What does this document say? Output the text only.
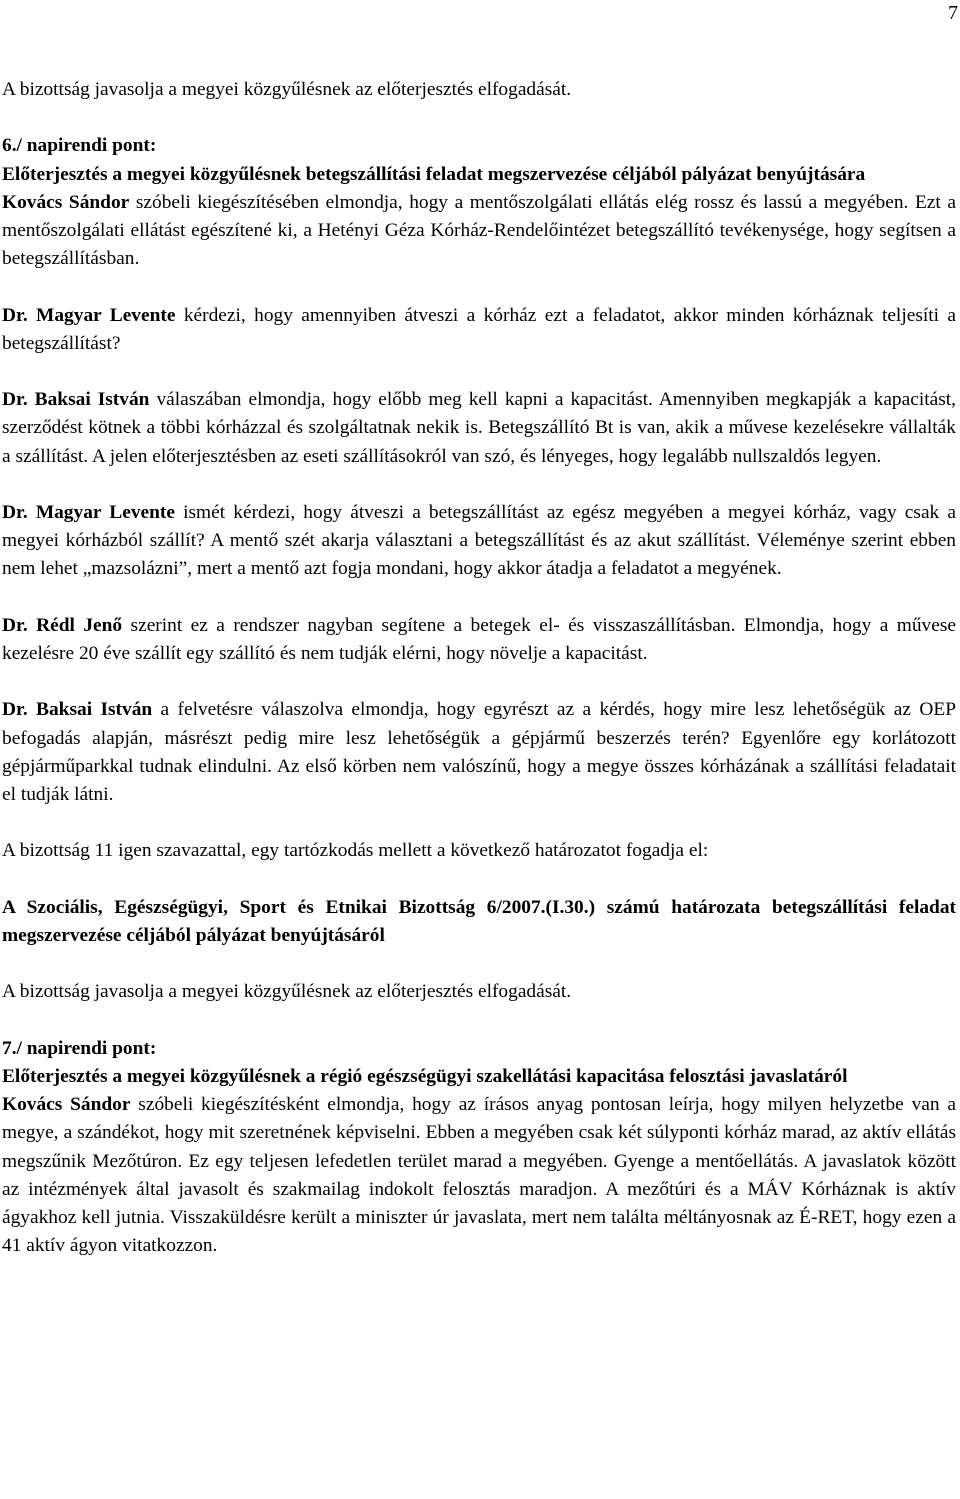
7

A bizottság javasolja a megyei közgyűlésnek az előterjesztés elfogadását.

6./ napirendi pont:

Előterjesztés a megyei közgyűlésnek betegszállítási feladat megszervezése céljából pályázat benyújtására

Kovács Sándor szóbeli kiegészítésében elmondja, hogy a mentőszolgálati ellátás elég rossz és lassú a megyében. Ezt a mentőszolgálati ellátást egészítené ki, a Hetényi Géza Kórház-Rendelőintézet betegszállító tevékenysége, hogy segítsen a betegszállításban.

Dr. Magyar Levente kérdezi, hogy amennyiben átveszi a kórház ezt a feladatot, akkor minden kórháznak teljesíti a betegszállítást?

Dr. Baksai István válaszában elmondja, hogy előbb meg kell kapni a kapacitást. Amennyiben megkapják a kapacitást, szerződést kötnek a többi kórházzal és szolgáltatnak nekik is. Betegszállító Bt is van, akik a művese kezelésekre vállalták a szállítást. A jelen előterjesztésben az eseti szállításokról van szó, és lényeges, hogy legalább nullszaldós legyen.

Dr. Magyar Levente ismét kérdezi, hogy átveszi a betegszállítást az egész megyében a megyei kórház, vagy csak a megyei kórházból szállít? A mentő szét akarja választani a betegszállítást és az akut szállítást. Véleménye szerint ebben nem lehet „mazsolázni”, mert a mentő azt fogja mondani, hogy akkor átadja a feladatot a megyének.

Dr. Rédl Jenő szerint ez a rendszer nagyban segítene a betegek el- és visszaszállításban. Elmondja, hogy a művese kezelésre 20 éve szállít egy szállító és nem tudják elérni, hogy növelje a kapacitást.

Dr. Baksai István a felvetésre válaszolva elmondja, hogy egyrészt az a kérdés, hogy mire lesz lehetőségük az OEP befogadás alapján, másrészt pedig mire lesz lehetőségük a gépjármű beszerzés terén? Egyenlőre egy korlátozott gépjárműparkkal tudnak elindulni. Az első körben nem valószínű, hogy a megye összes kórházának a szállítási feladatait el tudják látni.

A bizottság 11 igen szavazattal, egy tartózkodás mellett a következő határozatot fogadja el:

A Szociális, Egészségügyi, Sport és Etnikai Bizottság 6/2007.(I.30.) számú határozata betegszállítási feladat megszervezése céljából pályázat benyújtásáról

A bizottság javasolja a megyei közgyűlésnek az előterjesztés elfogadását.

7./ napirendi pont:

Előterjesztés a megyei közgyűlésnek a régió egészségügyi szakellátási kapacitása felosztási javaslatáról

Kovács Sándor szóbeli kiegészítésként elmondja, hogy az írásos anyag pontosan leírja, hogy milyen helyzetbe van a megye, a szándékot, hogy mit szeretnének képviselni. Ebben a megyében csak két súlyponti kórház marad, az aktív ellátás megszűnik Mezőtúron. Ez egy teljesen lefedetlen terület marad a megyében. Gyenge a mentőellátás. A javaslatok között az intézmények által javasolt és szakmailag indokolt felosztás maradjon. A mezőtúri és a MÁV Kórháznak is aktív ágyakhoz kell jutnia. Visszaküldésre került a miniszter úr javaslata, mert nem találta méltányosnak az É-RET, hogy ezen a 41 aktív ágyon vitatkozzon.
